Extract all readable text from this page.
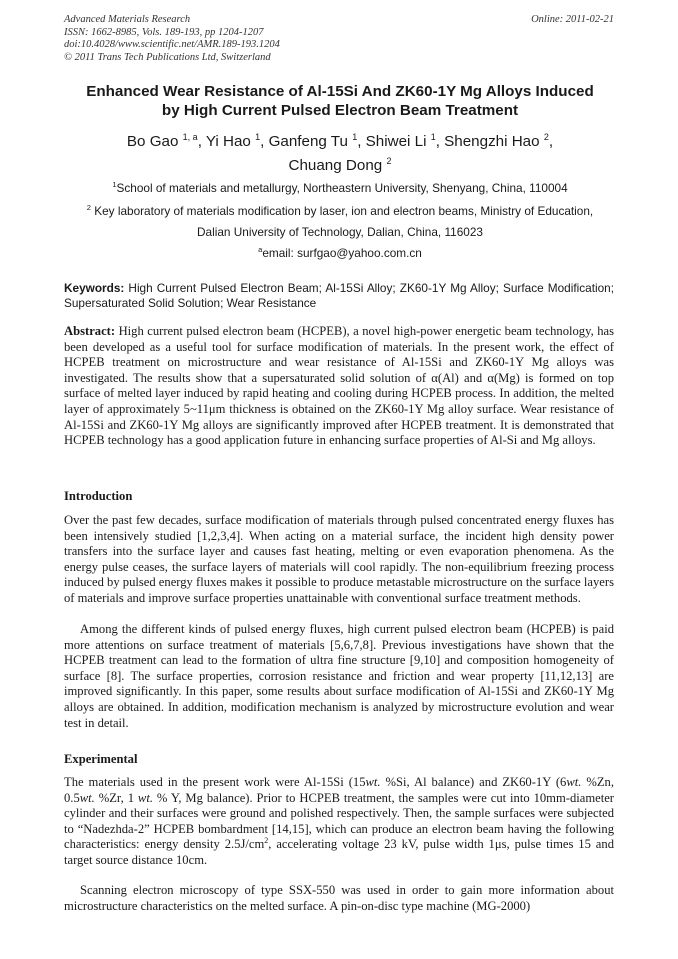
Advanced Materials Research
ISSN: 1662-8985, Vols. 189-193, pp 1204-1207
doi:10.4028/www.scientific.net/AMR.189-193.1204
© 2011 Trans Tech Publications Ltd, Switzerland
Online: 2011-02-21
Enhanced Wear Resistance of Al-15Si And ZK60-1Y Mg Alloys Induced
by High Current Pulsed Electron Beam Treatment
Bo Gao $^{1, a}$, Yi Hao $^1$, Ganfeng Tu $^1$, Shiwei Li $^1$, Shengzhi Hao $^2$,
Chuang Dong $^2$
$^1$School of materials and metallurgy, Northeastern University, Shenyang, China, 110004
$^2$ Key laboratory of materials modification by laser, ion and electron beams, Ministry of Education,
Dalian University of Technology, Dalian, China, 116023
$^a$email: surfgao@yahoo.com.cn
Keywords: High Current Pulsed Electron Beam; Al-15Si Alloy; ZK60-1Y Mg Alloy; Surface Modification; Supersaturated Solid Solution; Wear Resistance
Abstract: High current pulsed electron beam (HCPEB), a novel high-power energetic beam technology, has been developed as a useful tool for surface modification of materials. In the present work, the effect of HCPEB treatment on microstructure and wear resistance of Al-15Si and ZK60-1Y Mg alloys was investigated. The results show that a supersaturated solid solution of α(Al) and α(Mg) is formed on top surface of melted layer induced by rapid heating and cooling during HCPEB process. In addition, the melted layer of approximately 5~11μm thickness is obtained on the ZK60-1Y Mg alloy surface. Wear resistance of Al-15Si and ZK60-1Y Mg alloys are significantly improved after HCPEB treatment. It is demonstrated that HCPEB technology has a good application future in enhancing surface properties of Al-Si and Mg alloys.
Introduction
Over the past few decades, surface modification of materials through pulsed concentrated energy fluxes has been intensively studied [1,2,3,4]. When acting on a material surface, the incident high density power transfers into the surface layer and causes fast heating, melting or even evaporation phenomena. As the energy pulse ceases, the surface layers of materials will cool rapidly. The non-equilibrium freezing process induced by pulsed energy fluxes makes it possible to produce metastable microstructure on the surface layers of materials and improve surface properties unattainable with conventional surface treatment methods.
Among the different kinds of pulsed energy fluxes, high current pulsed electron beam (HCPEB) is paid more attentions on surface treatment of materials [5,6,7,8]. Previous investigations have shown that the HCPEB treatment can lead to the formation of ultra fine structure [9,10] and composition homogeneity of surface [8]. The surface properties, corrosion resistance and friction and wear property [11,12,13] are improved significantly. In this paper, some results about surface modification of Al-15Si and ZK60-1Y Mg alloys are obtained. In addition, modification mechanism is analyzed by microstructure evolution and wear test in detail.
Experimental
The materials used in the present work were Al-15Si (15wt. %Si, Al balance) and ZK60-1Y (6wt. %Zn, 0.5wt. %Zr, 1 wt. % Y, Mg balance). Prior to HCPEB treatment, the samples were cut into 10mm-diameter cylinder and their surfaces were ground and polished respectively. Then, the sample surfaces were subjected to “Nadezhda-2” HCPEB bombardment [14,15], which can produce an electron beam having the following characteristics: energy density $2.5J/cm^2$, accelerating voltage 23 kV, pulse width 1μs, pulse times 15 and target source distance 10cm.
Scanning electron microscopy of type SSX-550 was used in order to gain more information about microstructure characteristics on the melted surface. A pin-on-disc type machine (MG-2000)
